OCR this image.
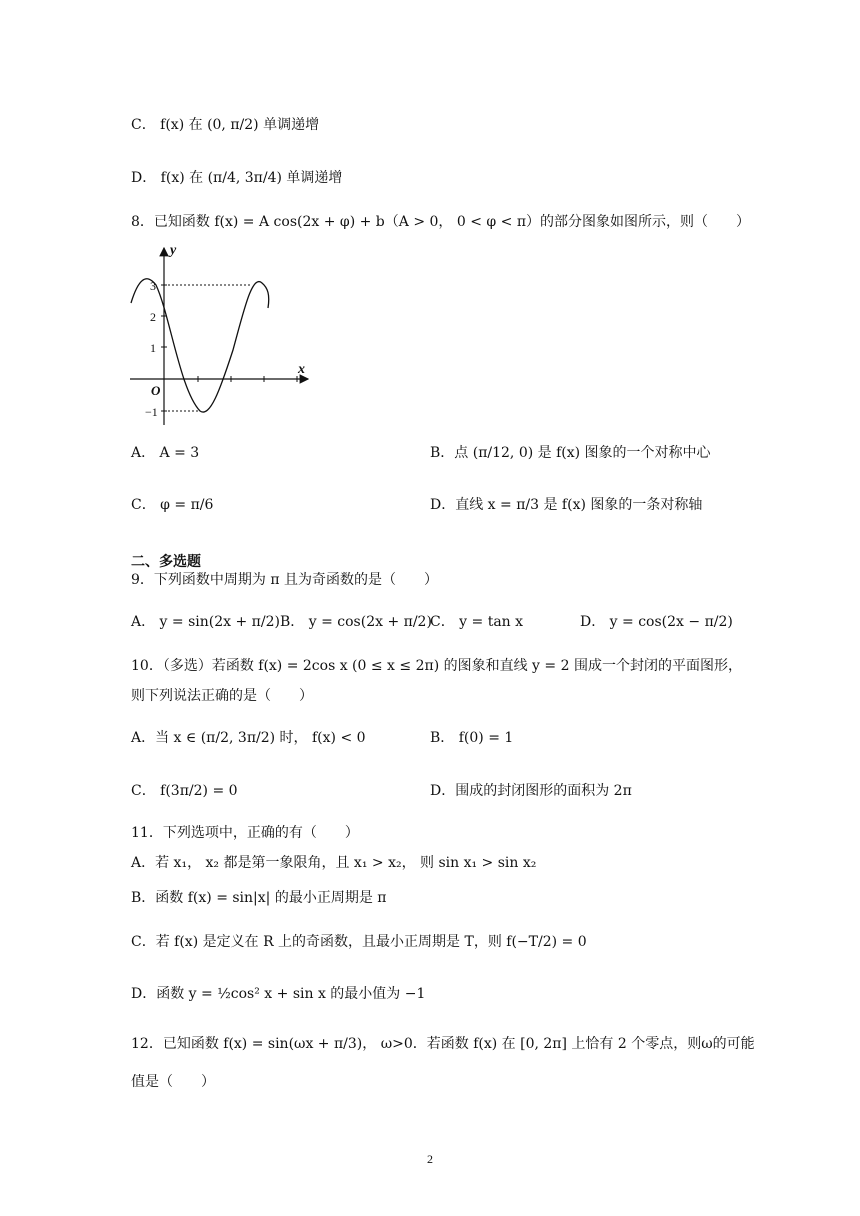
C． f(x) 在 (0, π/2) 单调递增
D． f(x) 在 (π/4, 3π/4) 单调递增
8．已知函数 f(x) = A cos(2x + φ) + b（A > 0， 0 < φ < π）的部分图象如图所示，则（　　）
y
x
O
3
2
1
−1
A． A = 3	B．点 (π/12, 0) 是 f(x) 图象的一个对称中心
C． φ = π/6	D．直线 x = π/3 是 f(x) 图象的一条对称轴
二、多选题
9．下列函数中周期为 π 且为奇函数的是（　　）
A． y = sin(2x + π/2) B． y = cos(2x + π/2)
C． y = tan x	D． y = cos(2x − π/2)
10．（多选）若函数 f(x) = 2cos x (0 ≤ x ≤ 2π) 的图象和直线 y = 2 围成一个封闭的平面图形，
则下列说法正确的是（　　）
A．当 x ∈ (π/2, 3π/2) 时， f(x) < 0	B． f(0) = 1
C． f(3π/2) = 0	D．围成的封闭图形的面积为 2π
11．下列选项中，正确的有（　　）
A．若 x₁， x₂ 都是第一象限角，且 x₁ > x₂， 则 sin x₁ > sin x₂
B．函数 f(x) = sin|x| 的最小正周期是 π
C．若 f(x) 是定义在 R 上的奇函数，且最小正周期是 T，则 f(−T/2) = 0
D．函数 y = ½cos² x + sin x 的最小值为 −1
12．已知函数 f(x) = sin(ωx + π/3)， ω>0．若函数 f(x) 在 [0, 2π] 上恰有 2 个零点，则ω的可能
值是（　　）
2
